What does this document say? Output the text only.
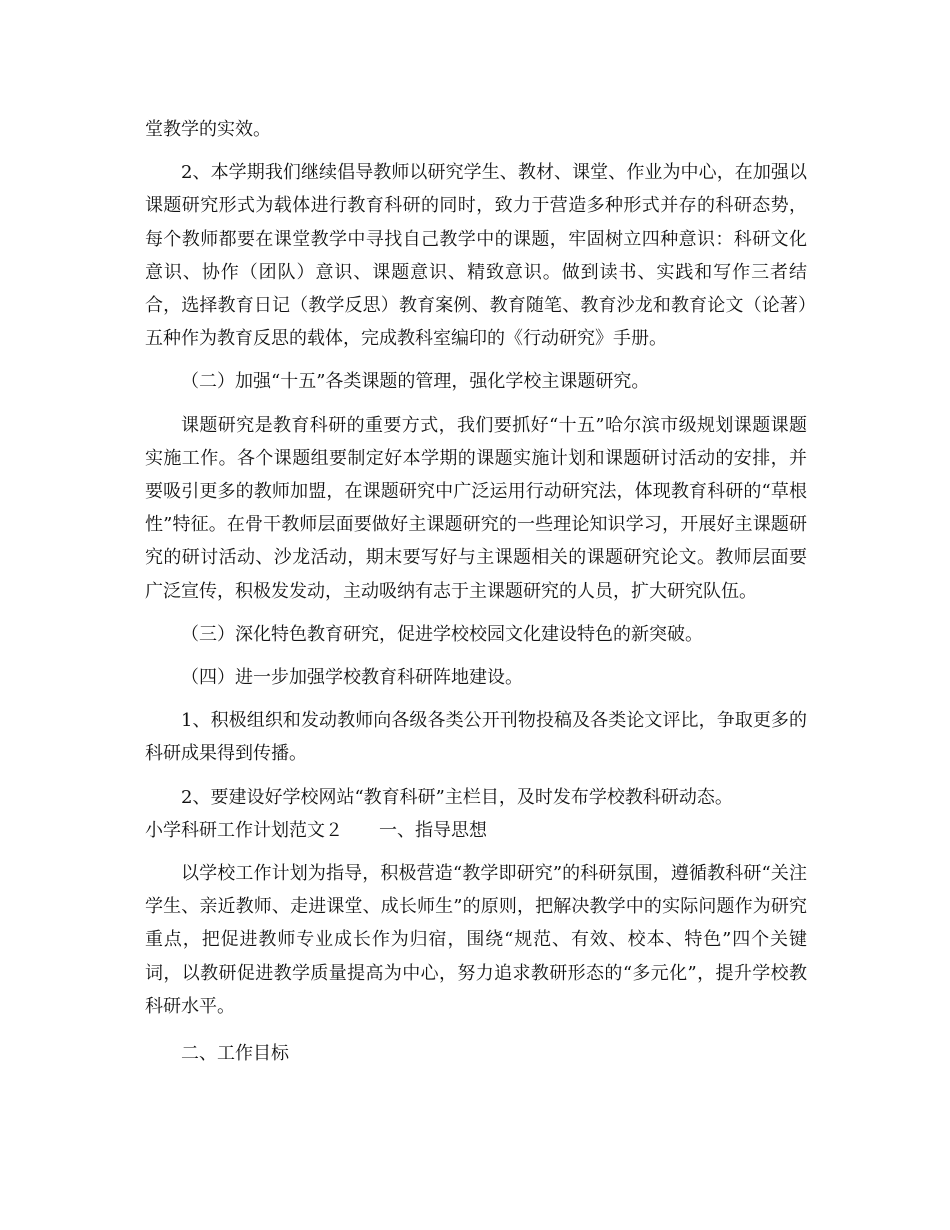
堂教学的实效。

2、本学期我们继续倡导教师以研究学生、教材、课堂、作业为中心，在加强以课题研究形式为载体进行教育科研的同时，致力于营造多种形式并存的科研态势，每个教师都要在课堂教学中寻找自己教学中的课题，牢固树立四种意识：科研文化意识、协作（团队）意识、课题意识、精致意识。做到读书、实践和写作三者结合，选择教育日记（教学反思）教育案例、教育随笔、教育沙龙和教育论文（论著）五种作为教育反思的载体，完成教科室编印的《行动研究》手册。

（二）加强“十五”各类课题的管理，强化学校主课题研究。

课题研究是教育科研的重要方式，我们要抓好“十五”哈尔滨市级规划课题课题实施工作。各个课题组要制定好本学期的课题实施计划和课题研讨活动的安排，并要吸引更多的教师加盟，在课题研究中广泛运用行动研究法，体现教育科研的“草根性”特征。在骨干教师层面要做好主课题研究的一些理论知识学习，开展好主课题研究的研讨活动、沙龙活动，期末要写好与主课题相关的课题研究论文。教师层面要广泛宣传，积极发发动，主动吸纳有志于主课题研究的人员，扩大研究队伍。

（三）深化特色教育研究，促进学校校园文化建设特色的新突破。

（四）进一步加强学校教育科研阵地建设。

1、积极组织和发动教师向各级各类公开刊物投稿及各类论文评比，争取更多的科研成果得到传播。

2、要建设好学校网站“教育科研”主栏目，及时发布学校教科研动态。

小学科研工作计划范文２　　一、指导思想

以学校工作计划为指导，积极营造“教学即研究”的科研氛围，遵循教科研“关注学生、亲近教师、走进课堂、成长师生”的原则，把解决教学中的实际问题作为研究重点，把促进教师专业成长作为归宿，围绕“规范、有效、校本、特色”四个关键词，以教研促进教学质量提高为中心，努力追求教研形态的“多元化”，提升学校教科研水平。

二、工作目标
